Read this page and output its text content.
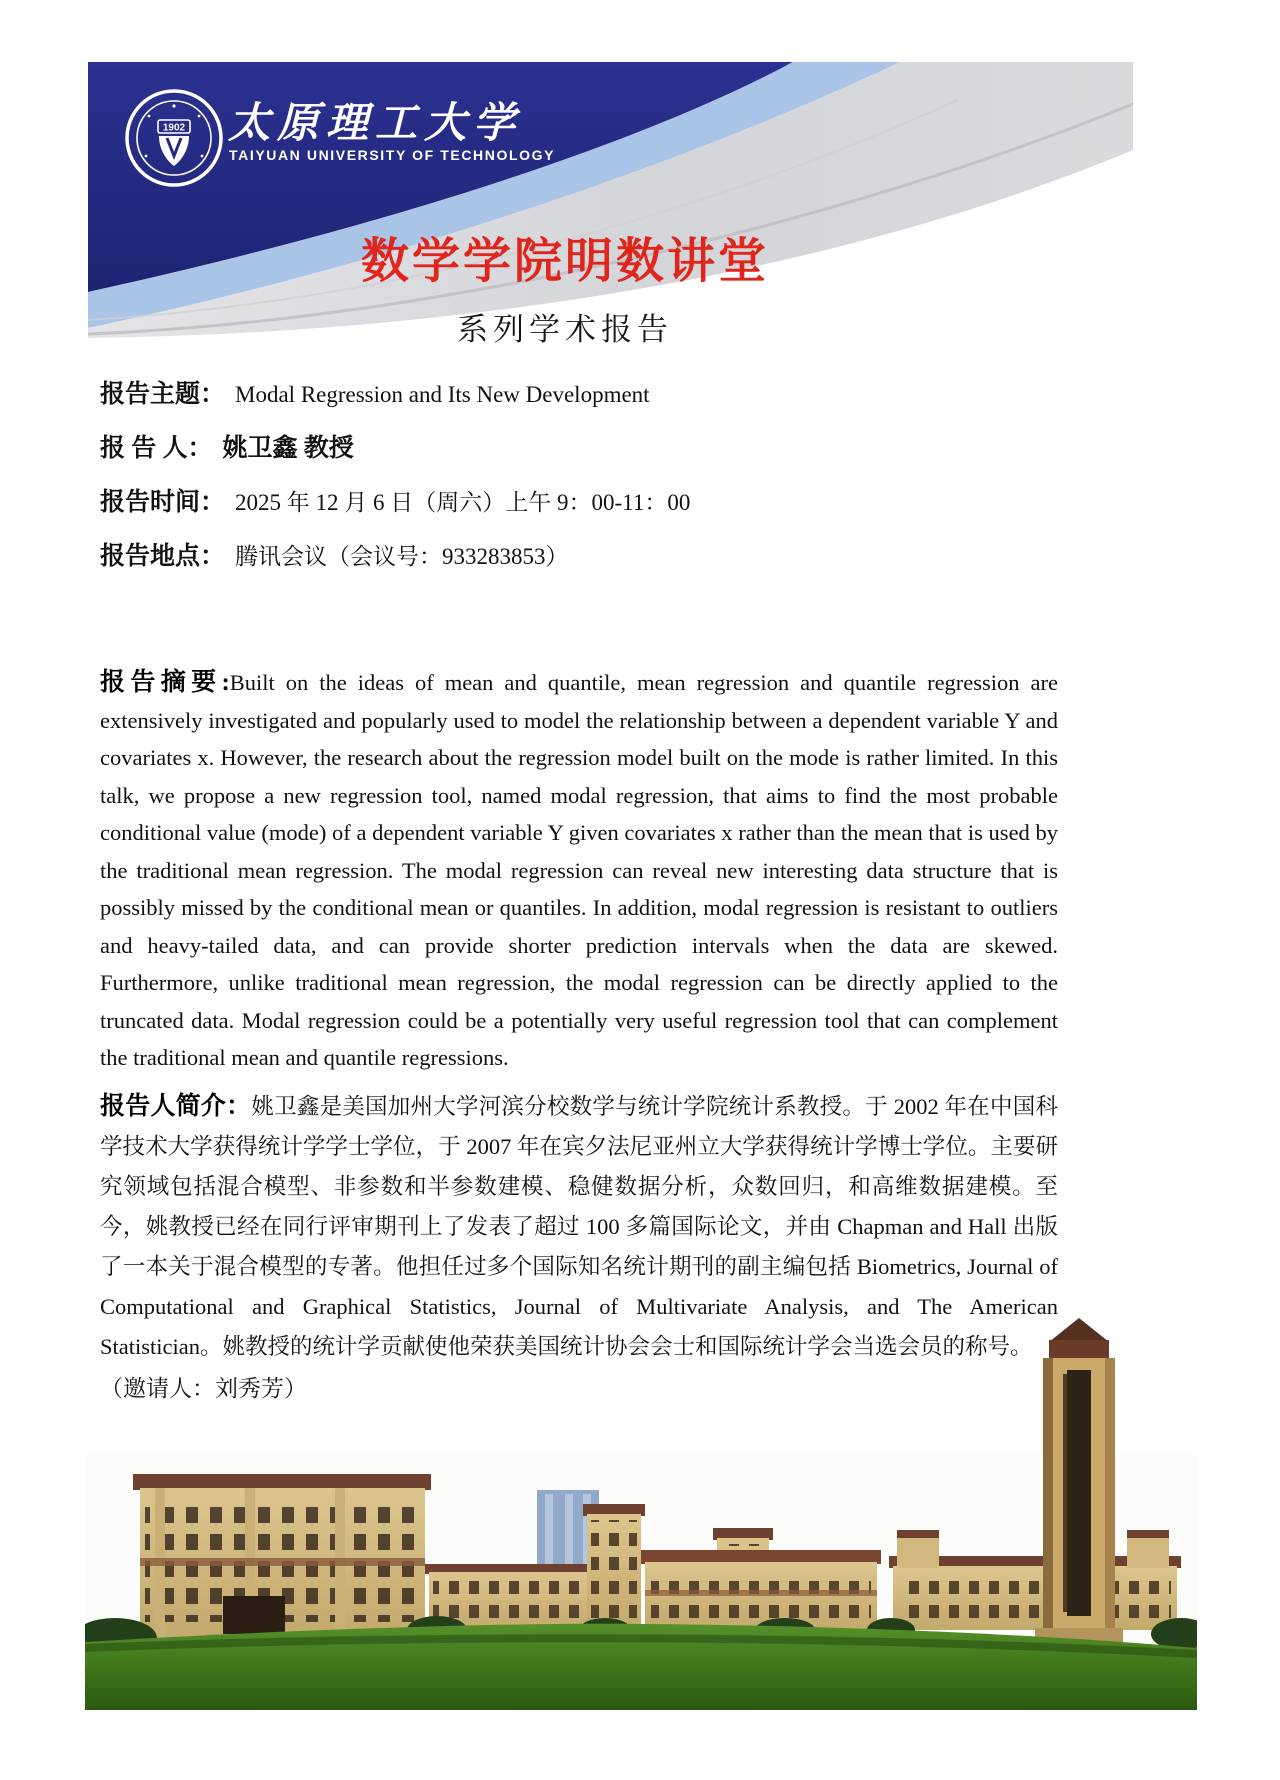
1902 太原理工大学
TAIYUAN UNIVERSITY OF TECHNOLOGY
数学学院明数讲堂
系列学术报告
报告主题： Modal Regression and Its New Development
报 告 人： 姚卫鑫 教授
报告时间： 2025 年 12 月 6 日（周六）上午 9：00-11：00
报告地点： 腾讯会议（会议号：933283853）

报告摘要:Built on the ideas of mean and quantile, mean regression and quantile regression are extensively investigated and popularly used to model the relationship between a dependent variable Y and covariates x. However, the research about the regression model built on the mode is rather limited. In this talk, we propose a new regression tool, named modal regression, that aims to find the most probable conditional value (mode) of a dependent variable Y given covariates x rather than the mean that is used by the traditional mean regression. The modal regression can reveal new interesting data structure that is possibly missed by the conditional mean or quantiles. In addition, modal regression is resistant to outliers and heavy-tailed data, and can provide shorter prediction intervals when the data are skewed. Furthermore, unlike traditional mean regression, the modal regression can be directly applied to the truncated data. Modal regression could be a potentially very useful regression tool that can complement the traditional mean and quantile regressions.

报告人简介：姚卫鑫是美国加州大学河滨分校数学与统计学院统计系教授。于 2002 年在中国科学技术大学获得统计学学士学位，于 2007 年在宾夕法尼亚州立大学获得统计学博士学位。主要研究领域包括混合模型、非参数和半参数建模、稳健数据分析，众数回归，和高维数据建模。至今，姚教授已经在同行评审期刊上了发表了超过 100 多篇国际论文，并由 Chapman and Hall 出版了一本关于混合模型的专著。他担任过多个国际知名统计期刊的副主编包括 Biometrics, Journal of Computational and Graphical Statistics, Journal of Multivariate Analysis, and The American Statistician。姚教授的统计学贡献使他荣获美国统计协会会士和国际统计学会当选会员的称号。

（邀请人：刘秀芳）
